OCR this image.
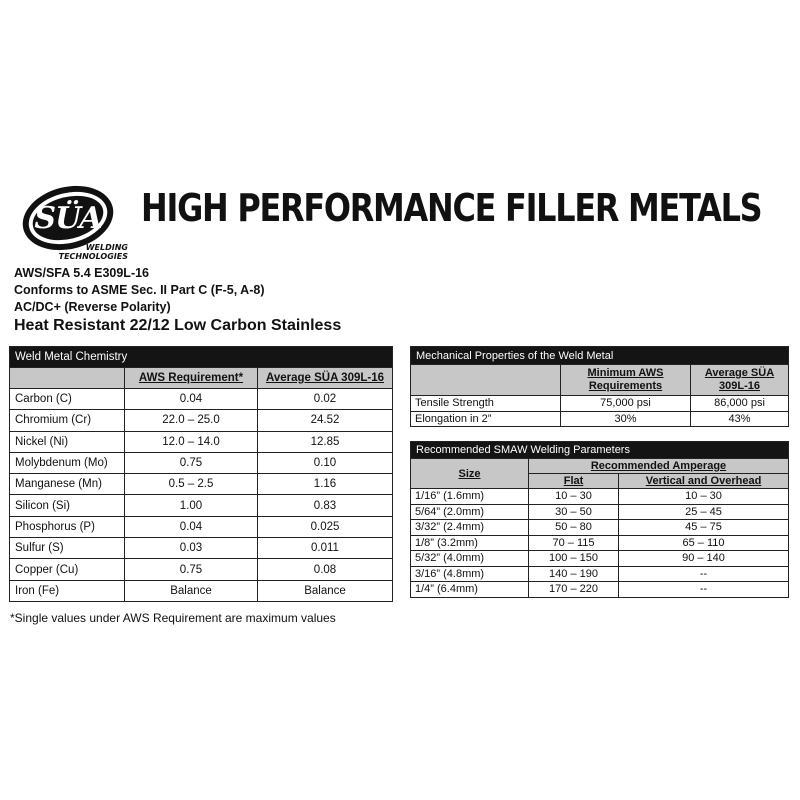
SÜA
WELDING
TECHNOLOGIES
HIGH PERFORMANCE FILLER METALS
AWS/SFA 5.4 E309L-16
Conforms to ASME Sec. II Part C (F-5, A-8)
AC/DC+ (Reverse Polarity)
Heat Resistant 22/12 Low Carbon Stainless
Weld Metal Chemistry		
	AWS Requirement*	Average SÜA 309L-16
Carbon (C)	0.04	0.02
Chromium (Cr)	22.0 – 25.0	24.52
Nickel (Ni)	12.0 – 14.0	12.85
Molybdenum (Mo)	0.75	0.10
Manganese (Mn)	0.5 – 2.5	1.16
Silicon (Si)	1.00	0.83
Phosphorus (P)	0.04	0.025
Sulfur (S)	0.03	0.011
Copper (Cu)	0.75	0.08
Iron (Fe)	Balance	Balance
Mechanical Properties of the Weld Metal		
	Minimum AWS Requirements	Average SÜA 309L-16
Tensile Strength	75,000 psi	86,000 psi
Elongation in 2”	30%	43%
Recommended SMAW Welding Parameters		
Size	Recommended Amperage	
	Flat	Vertical and Overhead
1/16” (1.6mm)	10 – 30	10 – 30
5/64” (2.0mm)	30 – 50	25 – 45
3/32” (2.4mm)	50 – 80	45 – 75
1/8” (3.2mm)	70 – 115	65 – 110
5/32” (4.0mm)	100 – 150	90 – 140
3/16” (4.8mm)	140 – 190	--
1/4” (6.4mm)	170 – 220	--
*Single values under AWS Requirement are maximum values
